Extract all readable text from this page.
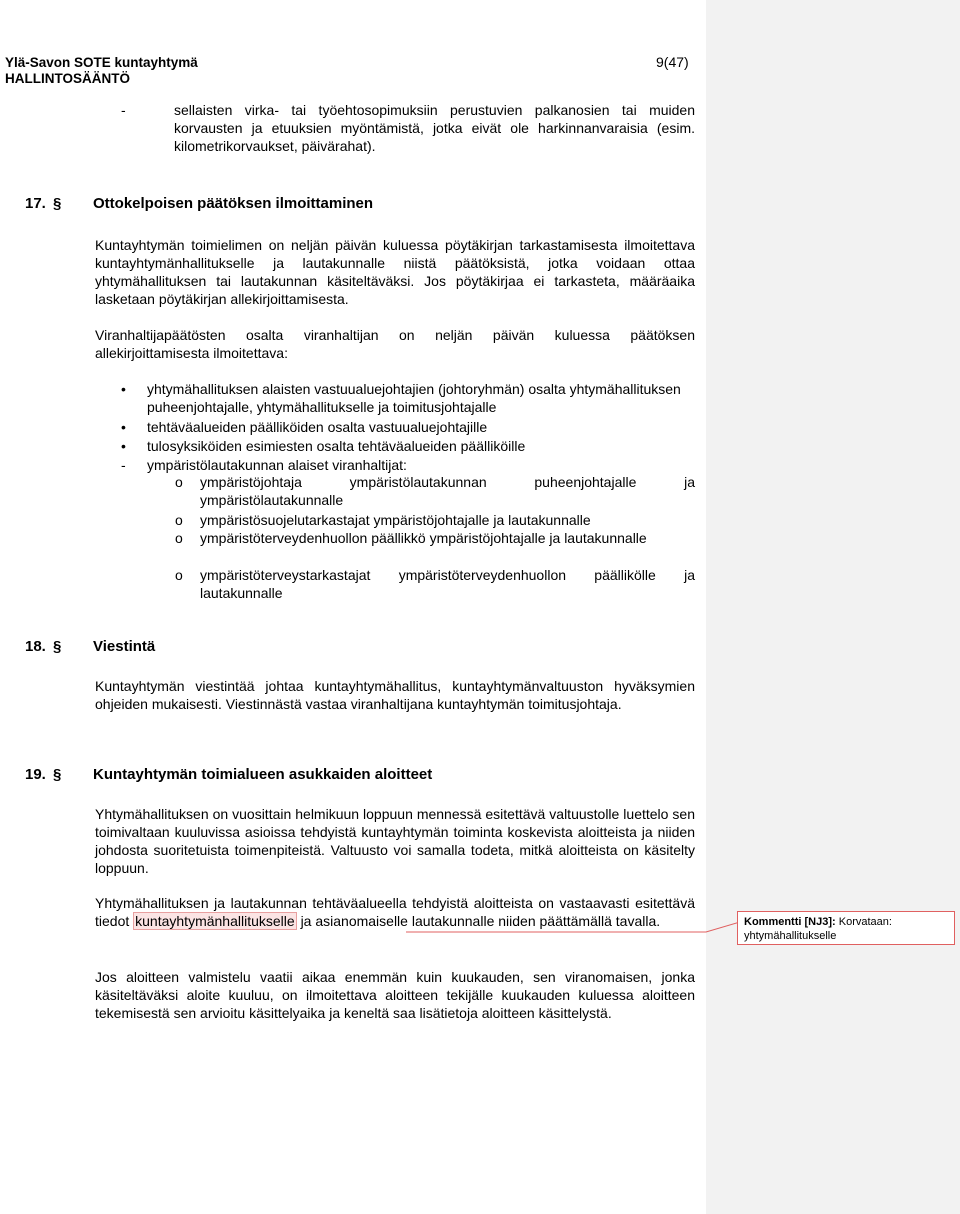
Ylä-Savon SOTE kuntayhtymä
HALLINTOSÄÄNTÖ
9(47)
-	sellaisten virka- tai työehtosopimuksiin perustuvien palkanosien tai muiden korvausten ja etuuksien myöntämistä, jotka eivät ole harkinnanvaraisia (esim. kilometrikorvaukset, päivärahat).
17. § Ottokelpoisen päätöksen ilmoittaminen
Kuntayhtymän toimielimen on neljän päivän kuluessa pöytäkirjan tarkastamisesta ilmoitettava kuntayhtymänhallitukselle ja lautakunnalle niistä päätöksistä, jotka voidaan ottaa yhtymähallituksen tai lautakunnan käsiteltäväksi. Jos pöytäkirjaa ei tarkasteta, määräaika lasketaan pöytäkirjan allekirjoittamisesta.
Viranhaltijapäätösten osalta viranhaltijan on neljän päivän kuluessa päätöksen allekirjoittamisesta ilmoitettava:
• yhtymähallituksen alaisten vastuualuejohtajien (johtoryhmän) osalta yhtymähallituksen puheenjohtajalle, yhtymähallitukselle ja toimitusjohtajalle
• tehtäväalueiden päälliköiden osalta vastuualuejohtajille
• tulosyksiköiden esimiesten osalta tehtäväalueiden päälliköille
- ympäristölautakunnan alaiset viranhaltijat:
o ympäristöjohtaja ympäristölautakunnan puheenjohtajalle ja ympäristölautakunnalle
o ympäristösuojelutarkastajat ympäristöjohtajalle ja lautakunnalle
o ympäristöterveydenhuollon päällikkö ympäristöjohtajalle ja lautakunnalle
o ympäristöterveystarkastajat ympäristöterveydenhuollon päällikölle ja lautakunnalle
18. § Viestintä
Kuntayhtymän viestintää johtaa kuntayhtymähallitus, kuntayhtymänvaltuuston hyväksymien ohjeiden mukaisesti. Viestinnästä vastaa viranhaltijana kuntayhtymän toimitusjohtaja.
19. § Kuntayhtymän toimialueen asukkaiden aloitteet
Yhtymähallituksen on vuosittain helmikuun loppuun mennessä esitettävä valtuustolle luettelo sen toimivaltaan kuuluvissa asioissa tehdyistä kuntayhtymän toiminta koskevista aloitteista ja niiden johdosta suoritetuista toimenpiteistä. Valtuusto voi samalla todeta, mitkä aloitteista on käsitelty loppuun.
Yhtymähallituksen ja lautakunnan tehtäväalueella tehdyistä aloitteista on vastaavasti esitettävä tiedot kuntayhtymänhallitukselle ja asianomaiselle lautakunnalle niiden päättämällä tavalla.
Jos aloitteen valmistelu vaatii aikaa enemmän kuin kuukauden, sen viranomaisen, jonka käsiteltäväksi aloite kuuluu, on ilmoitettava aloitteen tekijälle kuukauden kuluessa aloitteen tekemisestä sen arvioitu käsittelyaika ja keneltä saa lisätietoja aloitteen käsittelystä.
Kommentti [NJ3]: Korvataan: yhtymähallitukselle
